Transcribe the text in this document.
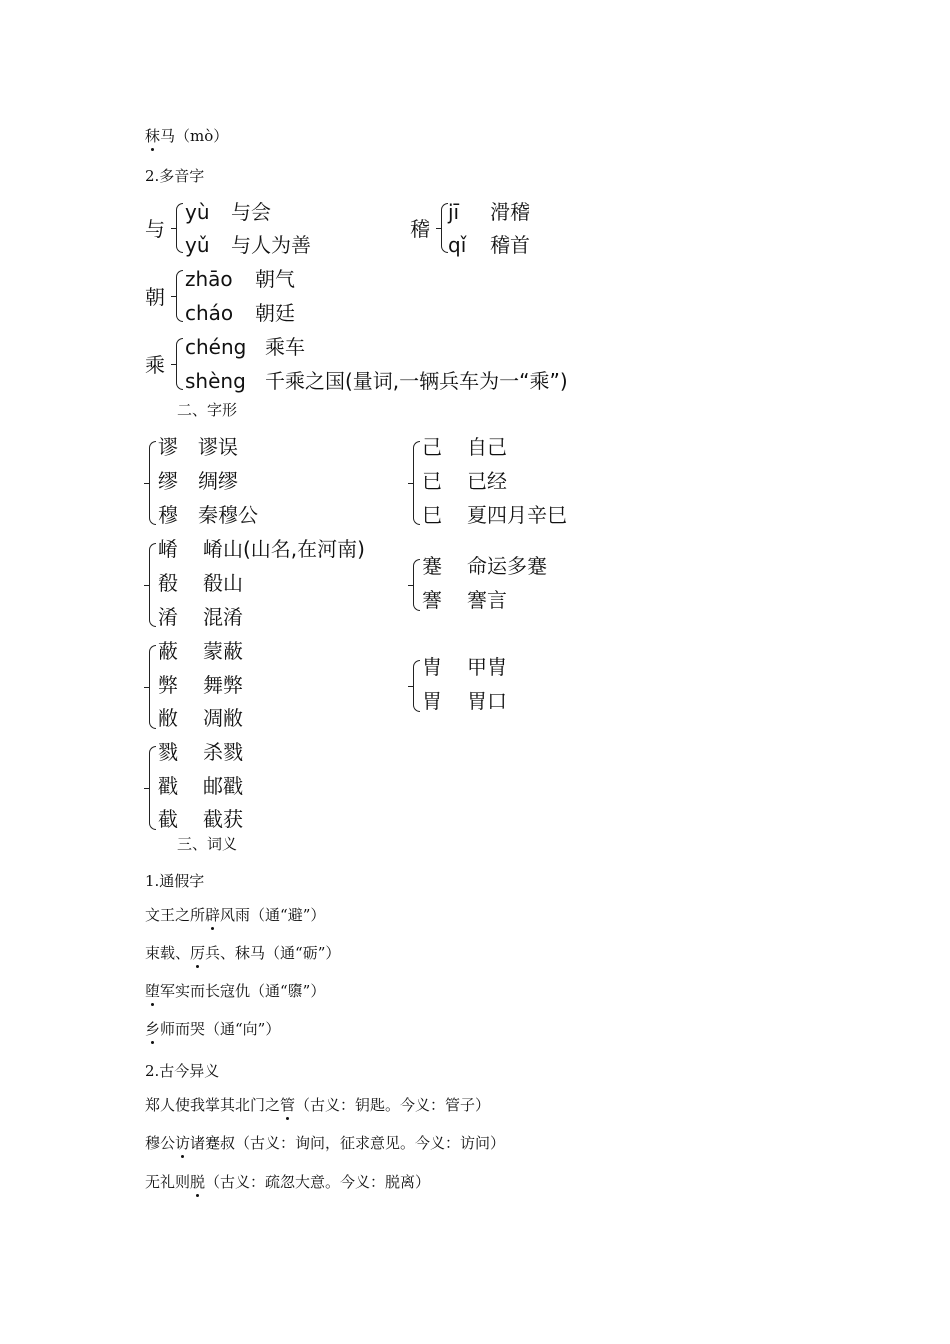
秣马（mò）
2.多音字
与
yù 与会
yǔ 与人为善
稽
jī 滑稽
qǐ 稽首
朝
zhāo 朝气
cháo 朝廷
乘
chéng 乘车
shèng 千乘之国(量词,一辆兵车为一“乘”)
二、字形
谬 谬误
缪 绸缪
穆 秦穆公
崤 崤山(山名,在河南)
殽 殽山
淆 混淆
蔽 蒙蔽
弊 舞弊
敝 凋敝
戮 杀戮
戳 邮戳
截 截获
己 自己
已 已经
巳 夏四月辛巳
蹇 命运多蹇
謇 謇言
胄 甲胄
胃 胃口
三、词义
1.通假字
文王之所辟风雨（通“避”）
束载、厉兵、秣马（通“砺”）
堕军实而长寇仇（通“隳”）
乡师而哭（通“向”）
2.古今异义
郑人使我掌其北门之管（古义：钥匙。今义：管子）
穆公访诸蹇叔（古义：询问，征求意见。今义：访问）
无礼则脱（古义：疏忽大意。今义：脱离）
